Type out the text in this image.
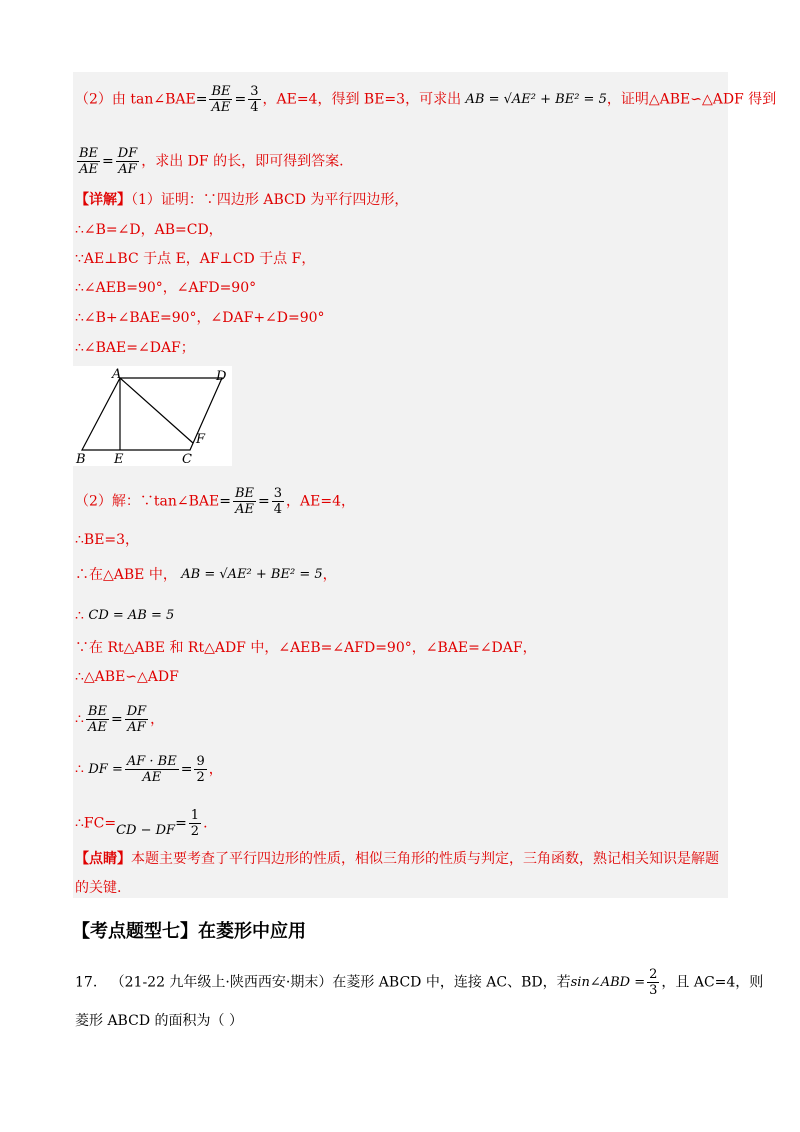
（2）由 tan∠BAE= $\frac{BE}{AE} = \frac{3}{4}$ ，AE=4，得到 BE=3，可求出 AB = √AE² + BE² = 5，证明△ABE∽△ADF 得到
$\frac{BE}{AE} = \frac{DF}{AF}$ ，求出 DF 的长，即可得到答案.
【详解】（1）证明：∵四边形 ABCD 为平行四边形，
∴∠B=∠D，AB=CD，
∵AE⊥BC 于点 E，AF⊥CD 于点 F，
∴∠AEB=90°，∠AFD=90°
∴∠B+∠BAE=90°，∠DAF+∠D=90°
∴∠BAE=∠DAF；
A	D
F
B E	C
（2）解：∵tan∠BAE= $\frac{BE}{AE} = \frac{3}{4}$ ，AE=4，
∴BE=3，
∴在△ABE 中， AB = √AE² + BE² = 5，
∴ CD = AB = 5
∵在 Rt△ABE 和 Rt△ADF 中，∠AEB=∠AFD=90°，∠BAE=∠DAF，
∴△ABE∽△ADF
∴ $\frac{BE}{AE} = \frac{DF}{AF}$ ，
∴ DF = $\frac{AF \cdot BE}{AE} = \frac{9}{2}$ ，
∴FC=CD − $DF= \frac{1}{2}$ .
【点睛】本题主要考查了平行四边形的性质，相似三角形的性质与判定，三角函数，熟记相关知识是解题
的关键.
【考点题型七】在菱形中应用
17. （21-22 九年级上·陕西西安·期末）在菱形 ABCD 中，连接 AC、BD，若sin∠ABD = $\frac{2}{3}$ ，且 AC=4，则
菱形 ABCD 的面积为（ ）
